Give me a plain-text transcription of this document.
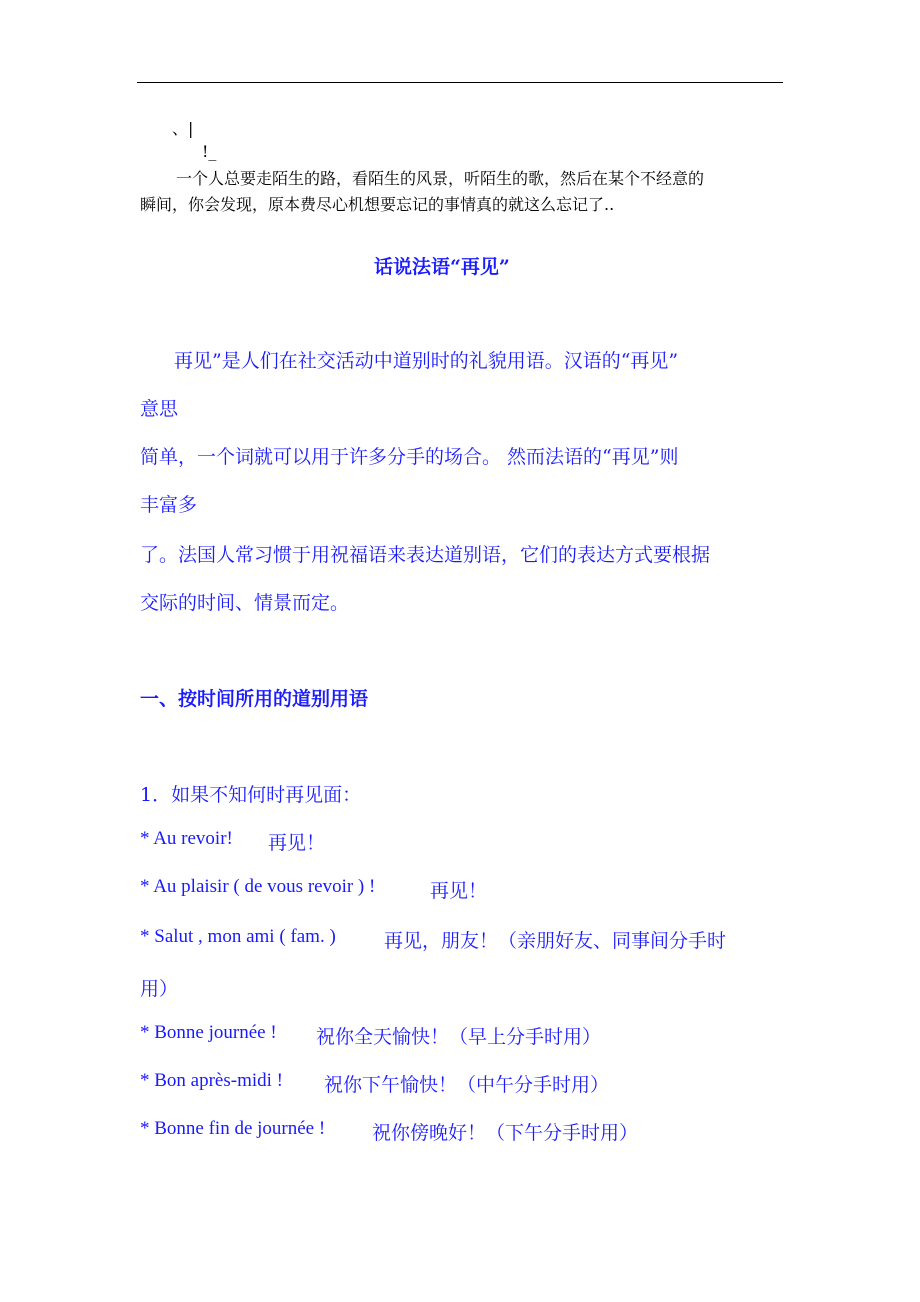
、|
!_
一个人总要走陌生的路，看陌生的风景，听陌生的歌，然后在某个不经意的
瞬间，你会发现，原本费尽心机想要忘记的事情真的就这么忘记了..
话说法语“再见”
再见”是人们在社交活动中道别时的礼貌用语。汉语的“再见”
意思
简单，一个词就可以用于许多分手的场合。 然而法语的“再见”则
丰富多
了。法国人常习惯于用祝福语来表达道别语，它们的表达方式要根据
交际的时间、情景而定。
一、按时间所用的道别用语
1．如果不知何时再见面：
* Au revoir! 再见！
* Au plaisir ( de vous revoir ) !	再见！
* Salut , mon ami ( fam. )	再见，朋友！（亲朋好友、同事间分手时
用）
* Bonne journée ! 祝你全天愉快！（早上分手时用）
* Bon après-midi ! 祝你下午愉快！（中午分手时用）
* Bonne fin de journée ! 祝你傍晚好！（下午分手时用）
